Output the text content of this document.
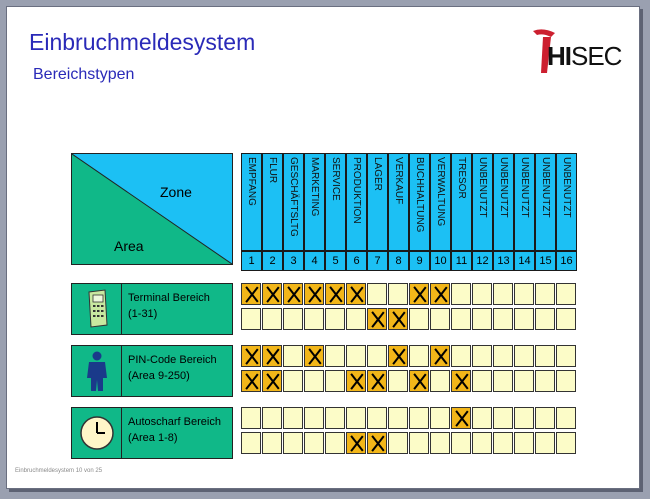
Einbruchmeldesystem
Bereichstypen
HISEC
Zone
Area
EMPFANG
1
FLUR
2
GESCHÄFTSLTG
3
MARKETING
4
SERVICE
5
PRODUKTION
6
LAGER
7
VERKAUF
8
BUCHHALTUNG
9
VERWALTUNG
10
TRESOR
11
UNBENUTZT
12
UNBENUTZT
13
UNBENUTZT
14
UNBENUTZT
15
UNBENUTZT
16
Terminal Bereich
(1-31)
PIN-Code Bereich
(Area 9-250)
Autoscharf Bereich
(Area 1-8)
Einbruchmeldesystem 10 von 25
